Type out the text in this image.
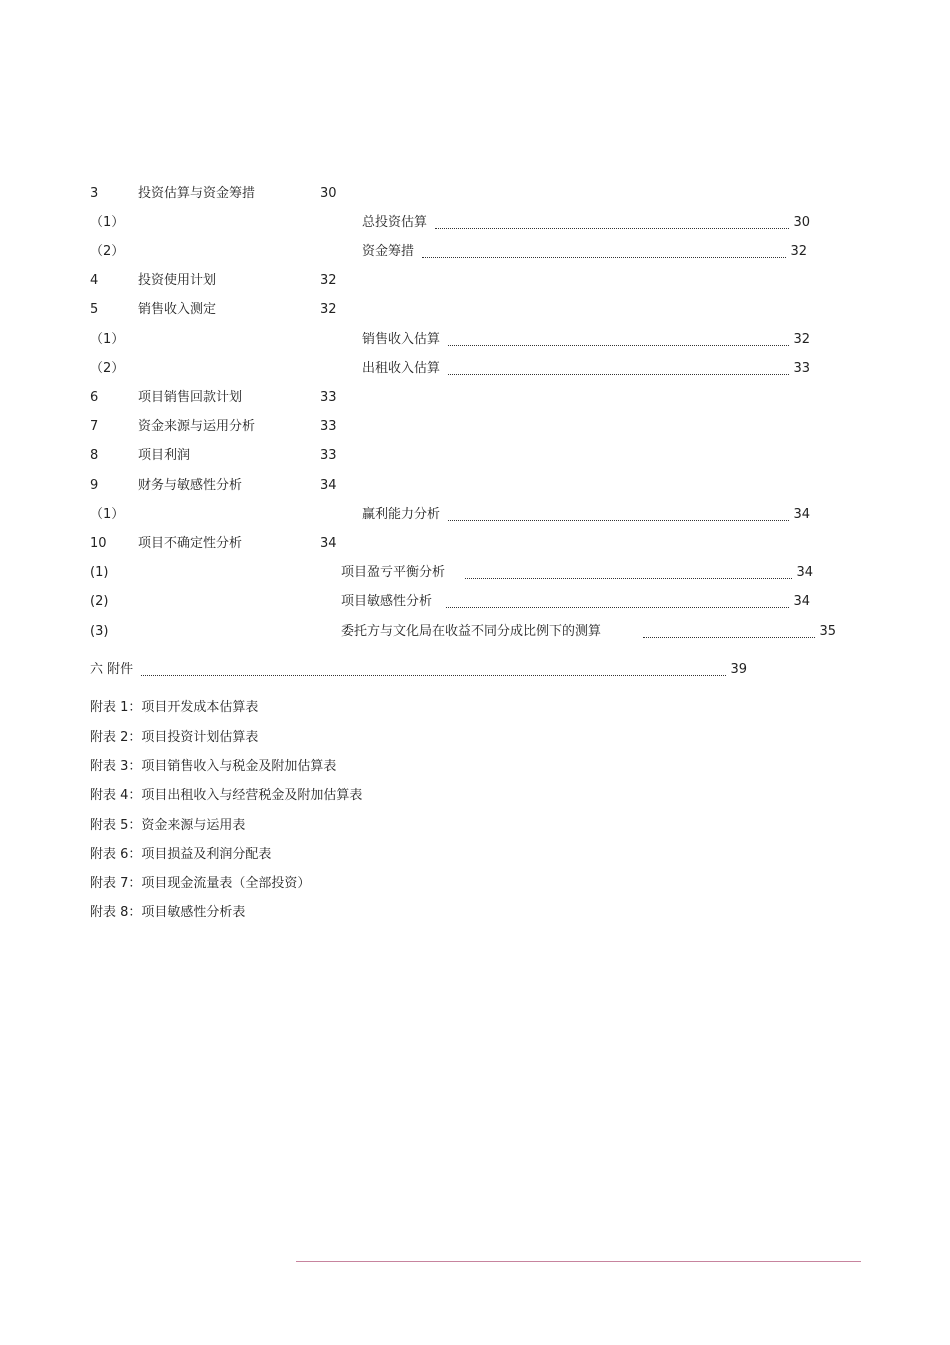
3	投资估算与资金筹措	30
（1）	总投资估算	30
（2）	资金筹措	32
4	投资使用计划	32
5	销售收入测定	32
（1）	销售收入估算	32
（2）	出租收入估算	33
6	项目销售回款计划	33
7	资金来源与运用分析	33
8	项目利润	33
9	财务与敏感性分析	34
（1）	赢利能力分析	34
10 项目不确定性分析	34
(1)	项目盈亏平衡分析	34
(2)	项目敏感性分析	34
(3)	委托方与文化局在收益不同分成比例下的测算	35
六 附件	39
附表 1：项目开发成本估算表
附表 2：项目投资计划估算表
附表 3：项目销售收入与税金及附加估算表
附表 4：项目出租收入与经营税金及附加估算表
附表 5：资金来源与运用表
附表 6：项目损益及利润分配表
附表 7：项目现金流量表（全部投资）
附表 8：项目敏感性分析表
